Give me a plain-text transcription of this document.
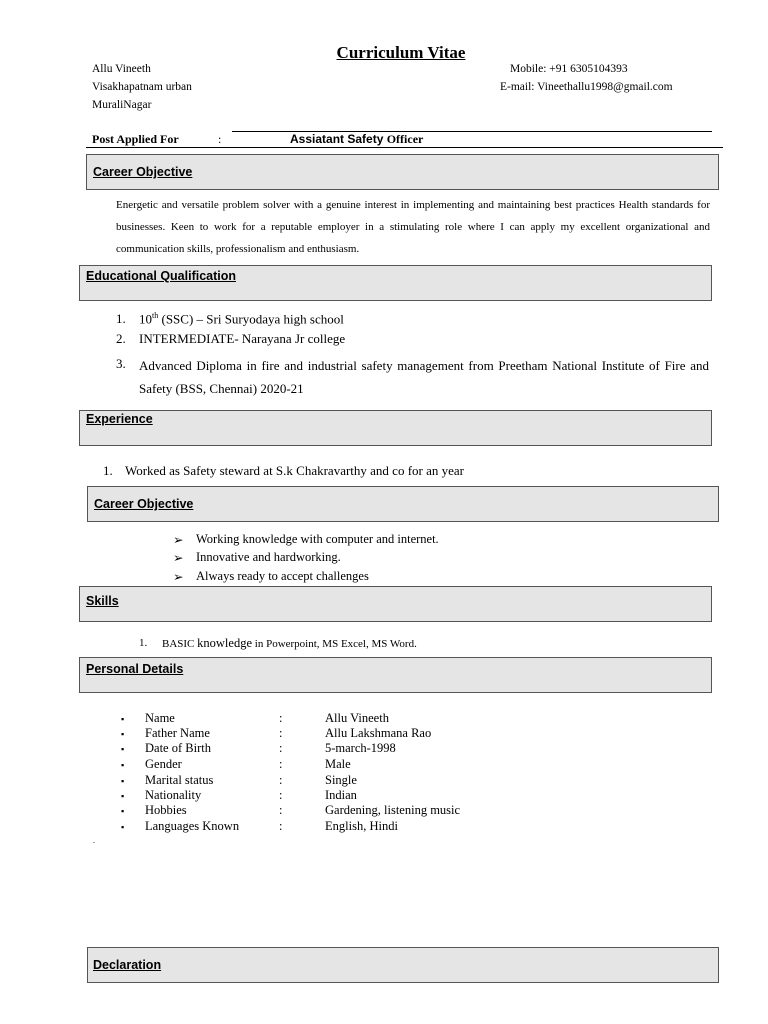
Curriculum Vitae
Allu Vineeth
Visakhapatnam urban
MuraliNagar
Mobile: +91 6305104393
E-mail: Vineethallu1998@gmail.com
Post Applied For	:	Assiatant Safety Officer
Career Objective
Energetic and versatile problem solver with a genuine interest in implementing and maintaining best practices Health standards for businesses. Keen to work for a reputable employer in a stimulating role where I can apply my excellent organizational and communication skills, professionalism and enthusiasm.
Educational Qualification
1. 10th (SSC) – Sri Suryodaya high school
2. INTERMEDIATE- Narayana Jr college
3. Advanced Diploma in fire and industrial safety management from Preetham National Institute of Fire and Safety (BSS, Chennai) 2020-21
Experience
1. Worked as Safety steward at S.k Chakravarthy and co for an year
Career Objective
➢ Working knowledge with computer and internet.
➢ Innovative and hardworking.
➢ Always ready to accept challenges
Skills
1. BASIC knowledge in Powerpoint, MS Excel, MS Word.
Personal Details
▪ Name	:	Allu Vineeth
▪ Father Name	:	Allu Lakshmana Rao
▪ Date of Birth	:	5-march-1998
▪ Gender	:	Male
▪ Marital status	:	Single
▪ Nationality	:	Indian
▪ Hobbies	:	Gardening, listening music
▪ Languages Known	:	English, Hindi
.
Declaration
